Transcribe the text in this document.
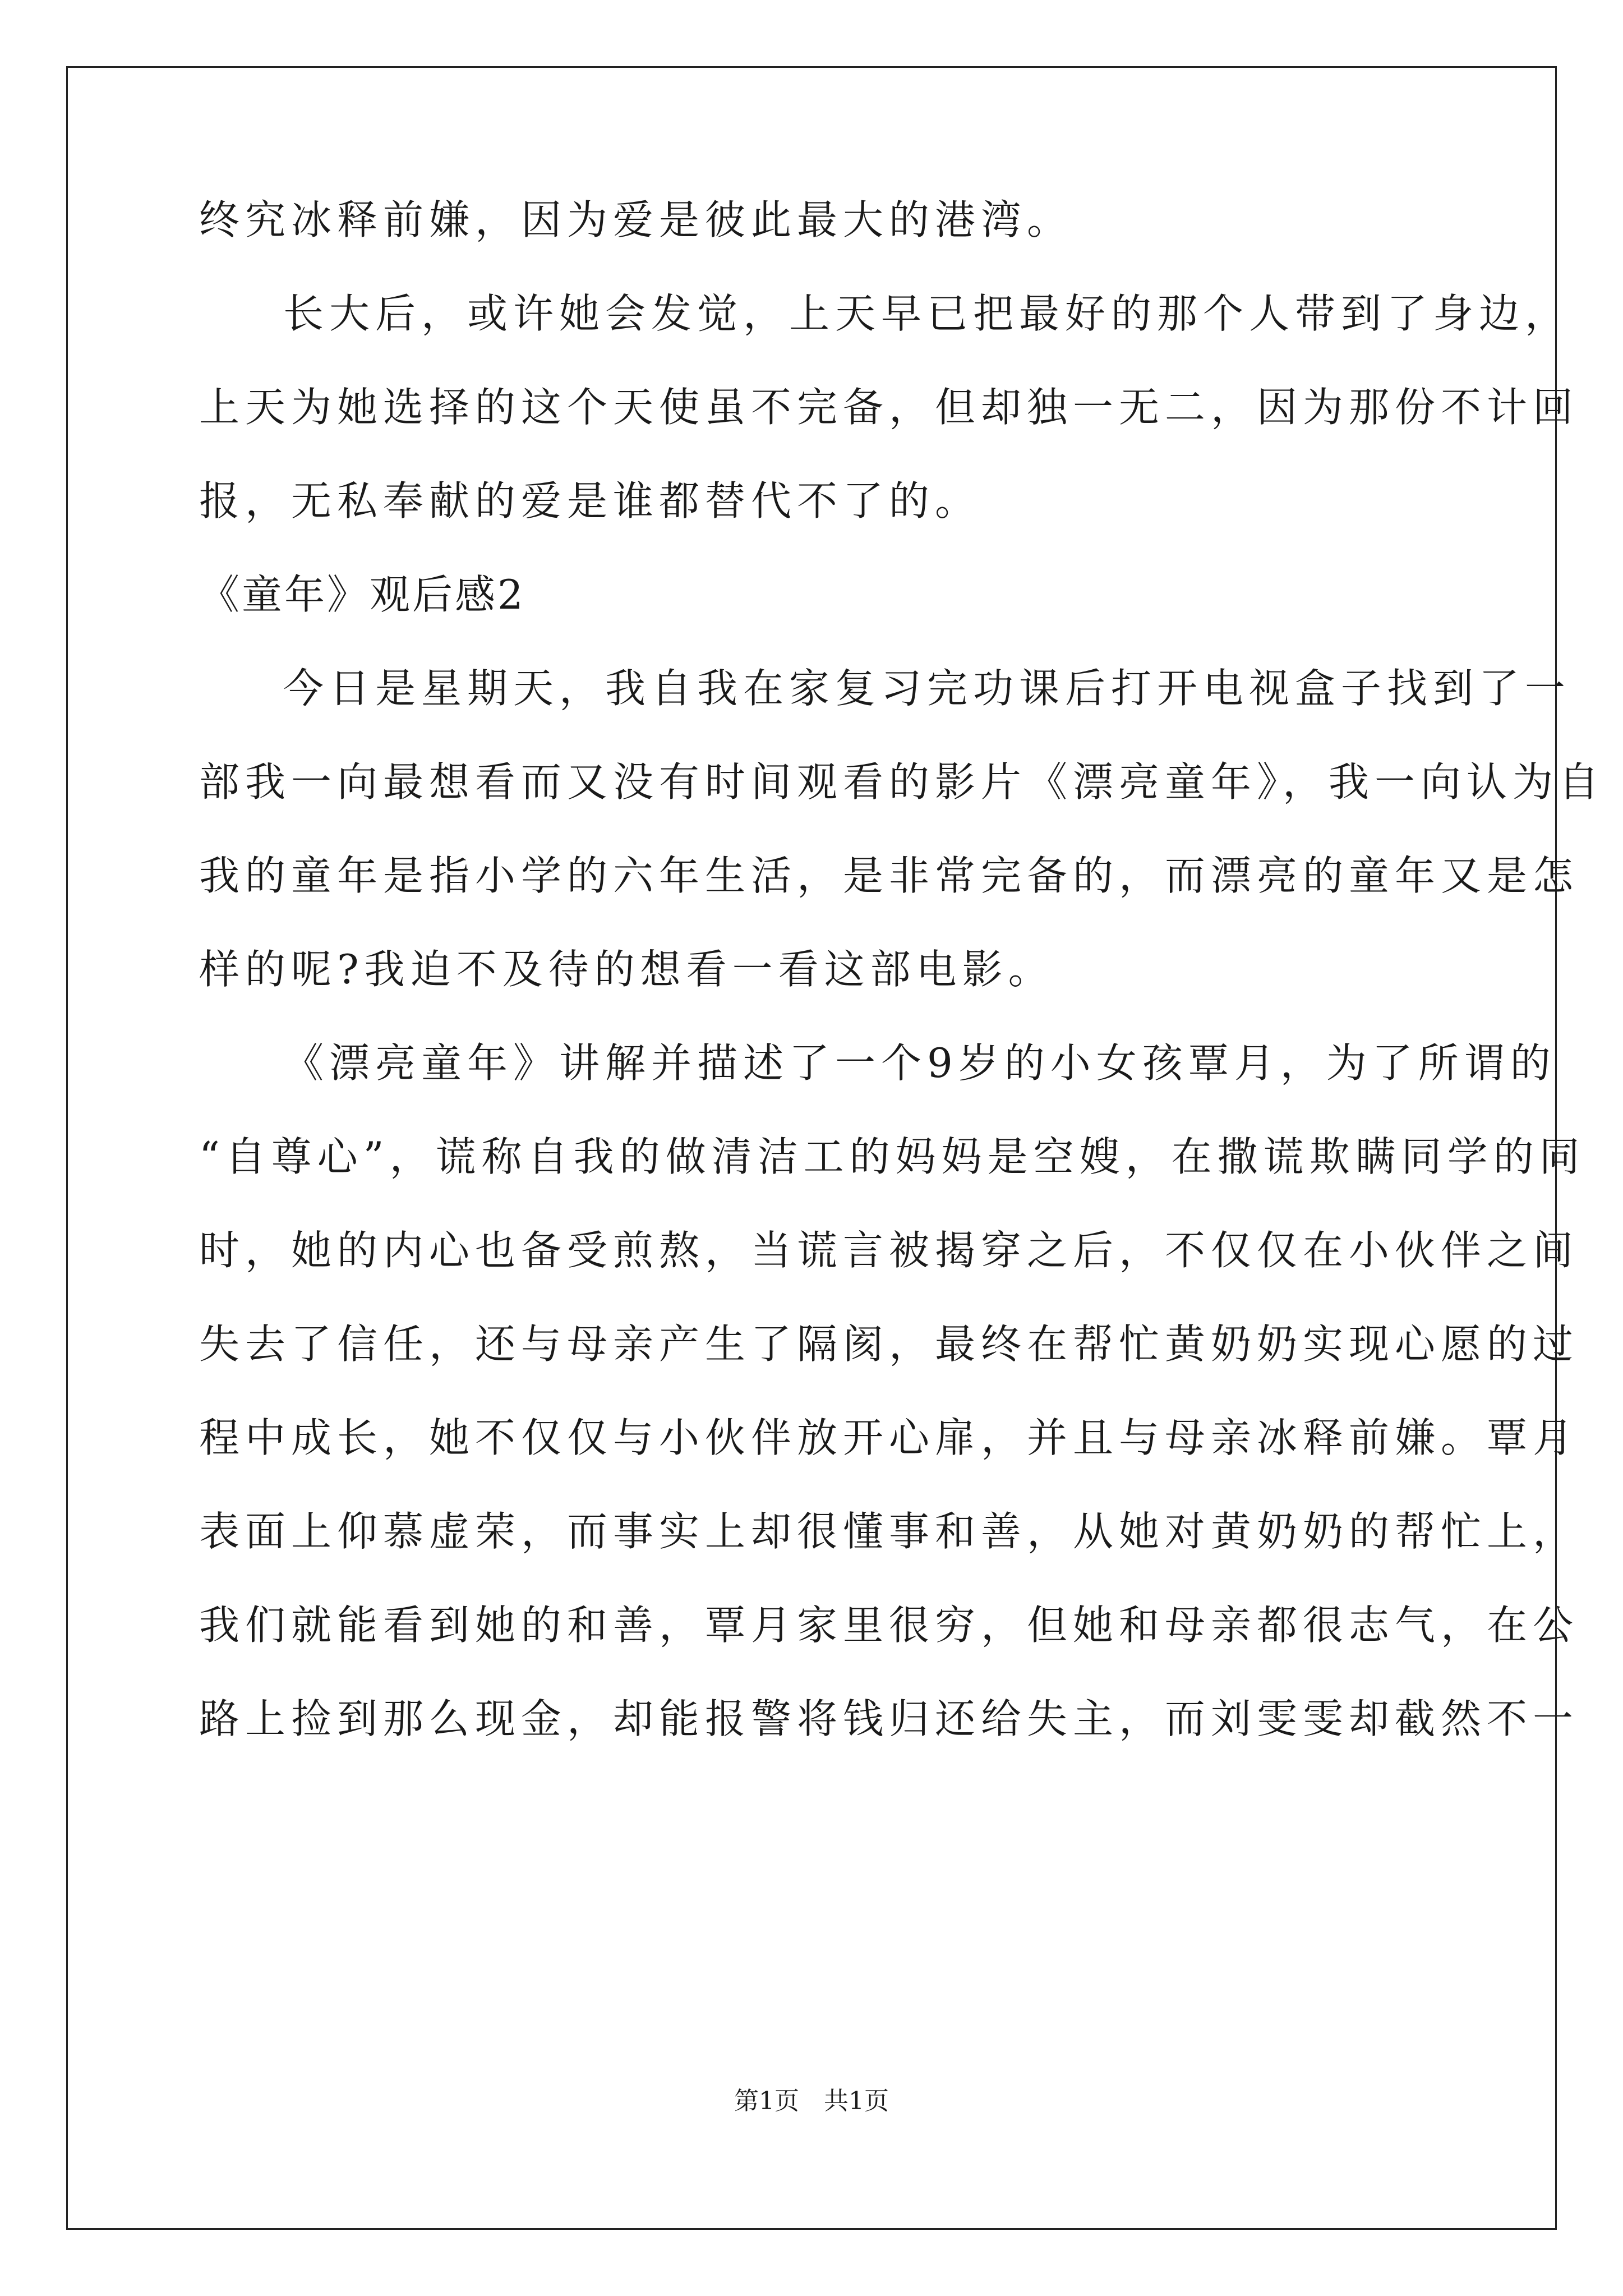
终究冰释前嫌，因为爱是彼此最大的港湾。
长大后，或许她会发觉，上天早已把最好的那个人带到了身边，
上天为她选择的这个天使虽不完备，但却独一无二，因为那份不计回
报，无私奉献的爱是谁都替代不了的。
《童年》观后感2
今日是星期天，我自我在家复习完功课后打开电视盒子找到了一
部我一向最想看而又没有时间观看的影片《漂亮童年》，我一向认为自
我的童年是指小学的六年生活，是非常完备的，而漂亮的童年又是怎
样的呢?我迫不及待的想看一看这部电影。
《漂亮童年》讲解并描述了一个9岁的小女孩覃月，为了所谓的
“自尊心”，谎称自我的做清洁工的妈妈是空嫂，在撒谎欺瞒同学的同
时，她的内心也备受煎熬，当谎言被揭穿之后，不仅仅在小伙伴之间
失去了信任，还与母亲产生了隔阂，最终在帮忙黄奶奶实现心愿的过
程中成长，她不仅仅与小伙伴放开心扉，并且与母亲冰释前嫌。覃月
表面上仰慕虚荣，而事实上却很懂事和善，从她对黄奶奶的帮忙上，
我们就能看到她的和善，覃月家里很穷，但她和母亲都很志气，在公
路上捡到那么现金，却能报警将钱归还给失主，而刘雯雯却截然不一
第1页　共1页
